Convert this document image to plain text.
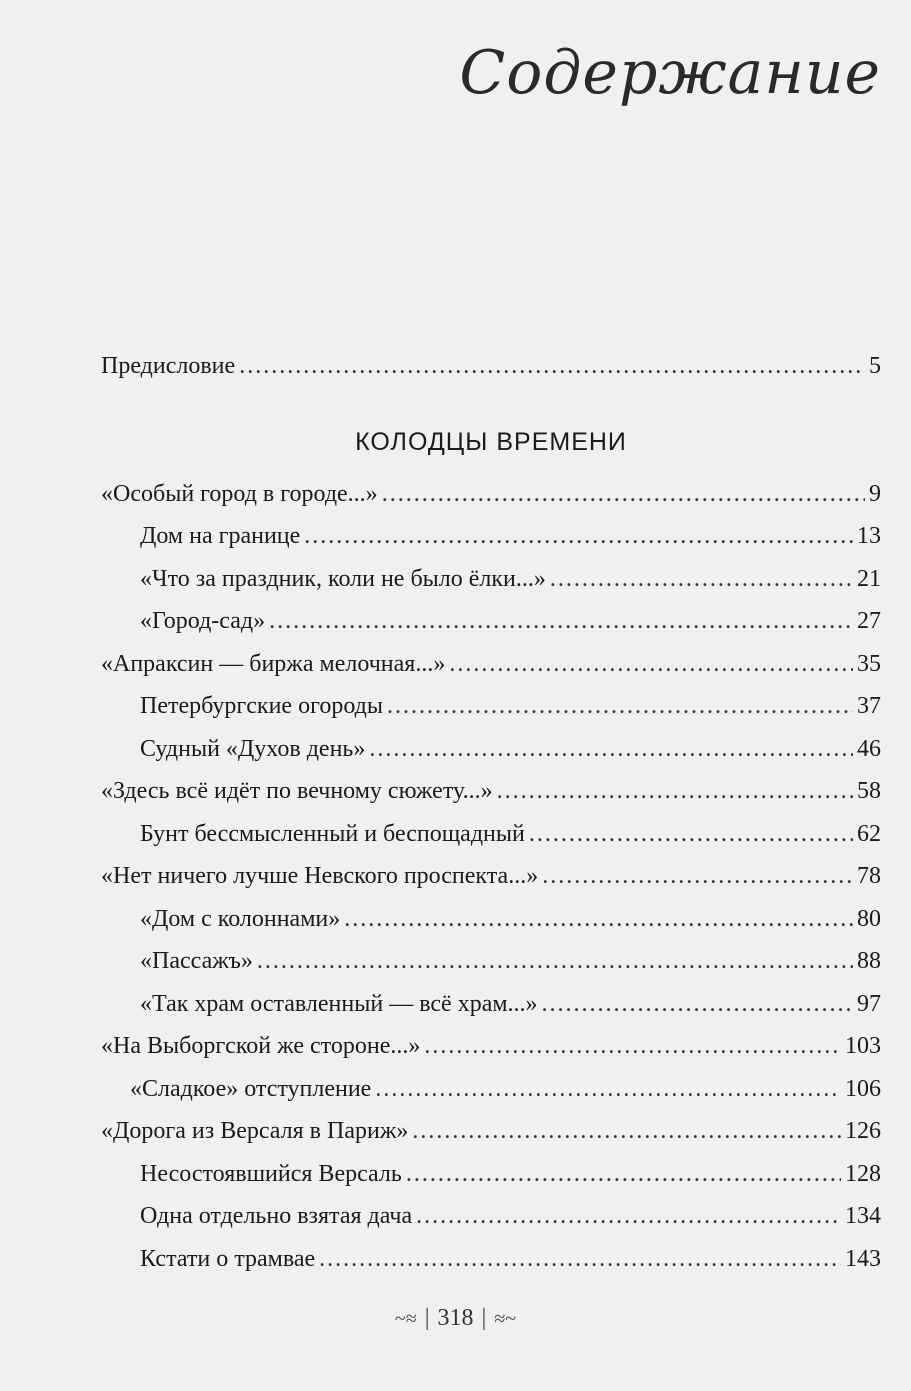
Содержание
Предисловие .....	5
КОЛОДЦЫ ВРЕМЕНИ
«Особый город в городе...» .....	9
Дом на границе .....	13
«Что за праздник, коли не было ёлки...» .....	21
«Город-сад» .....	27
«Апраксин — биржа мелочная...» .....	35
Петербургские огороды .....	37
Судный «Духов день» .....	46
«Здесь всё идёт по вечному сюжету...» .....	58
Бунт бессмысленный и беспощадный .....	62
«Нет ничего лучше Невского проспекта...» .....	78
«Дом с колоннами» .....	80
«Пассажъ» .....	88
«Так храм оставленный — всё храм...» .....	97
«На Выборгской же стороне...» .....	103
«Сладкое» отступление .....	106
«Дорога из Версаля в Париж» .....	126
Несостоявшийся Версаль .....	128
Одна отдельно взятая дача .....	134
Кстати о трамвае .....	143
~≈ | 318 | ≈~
